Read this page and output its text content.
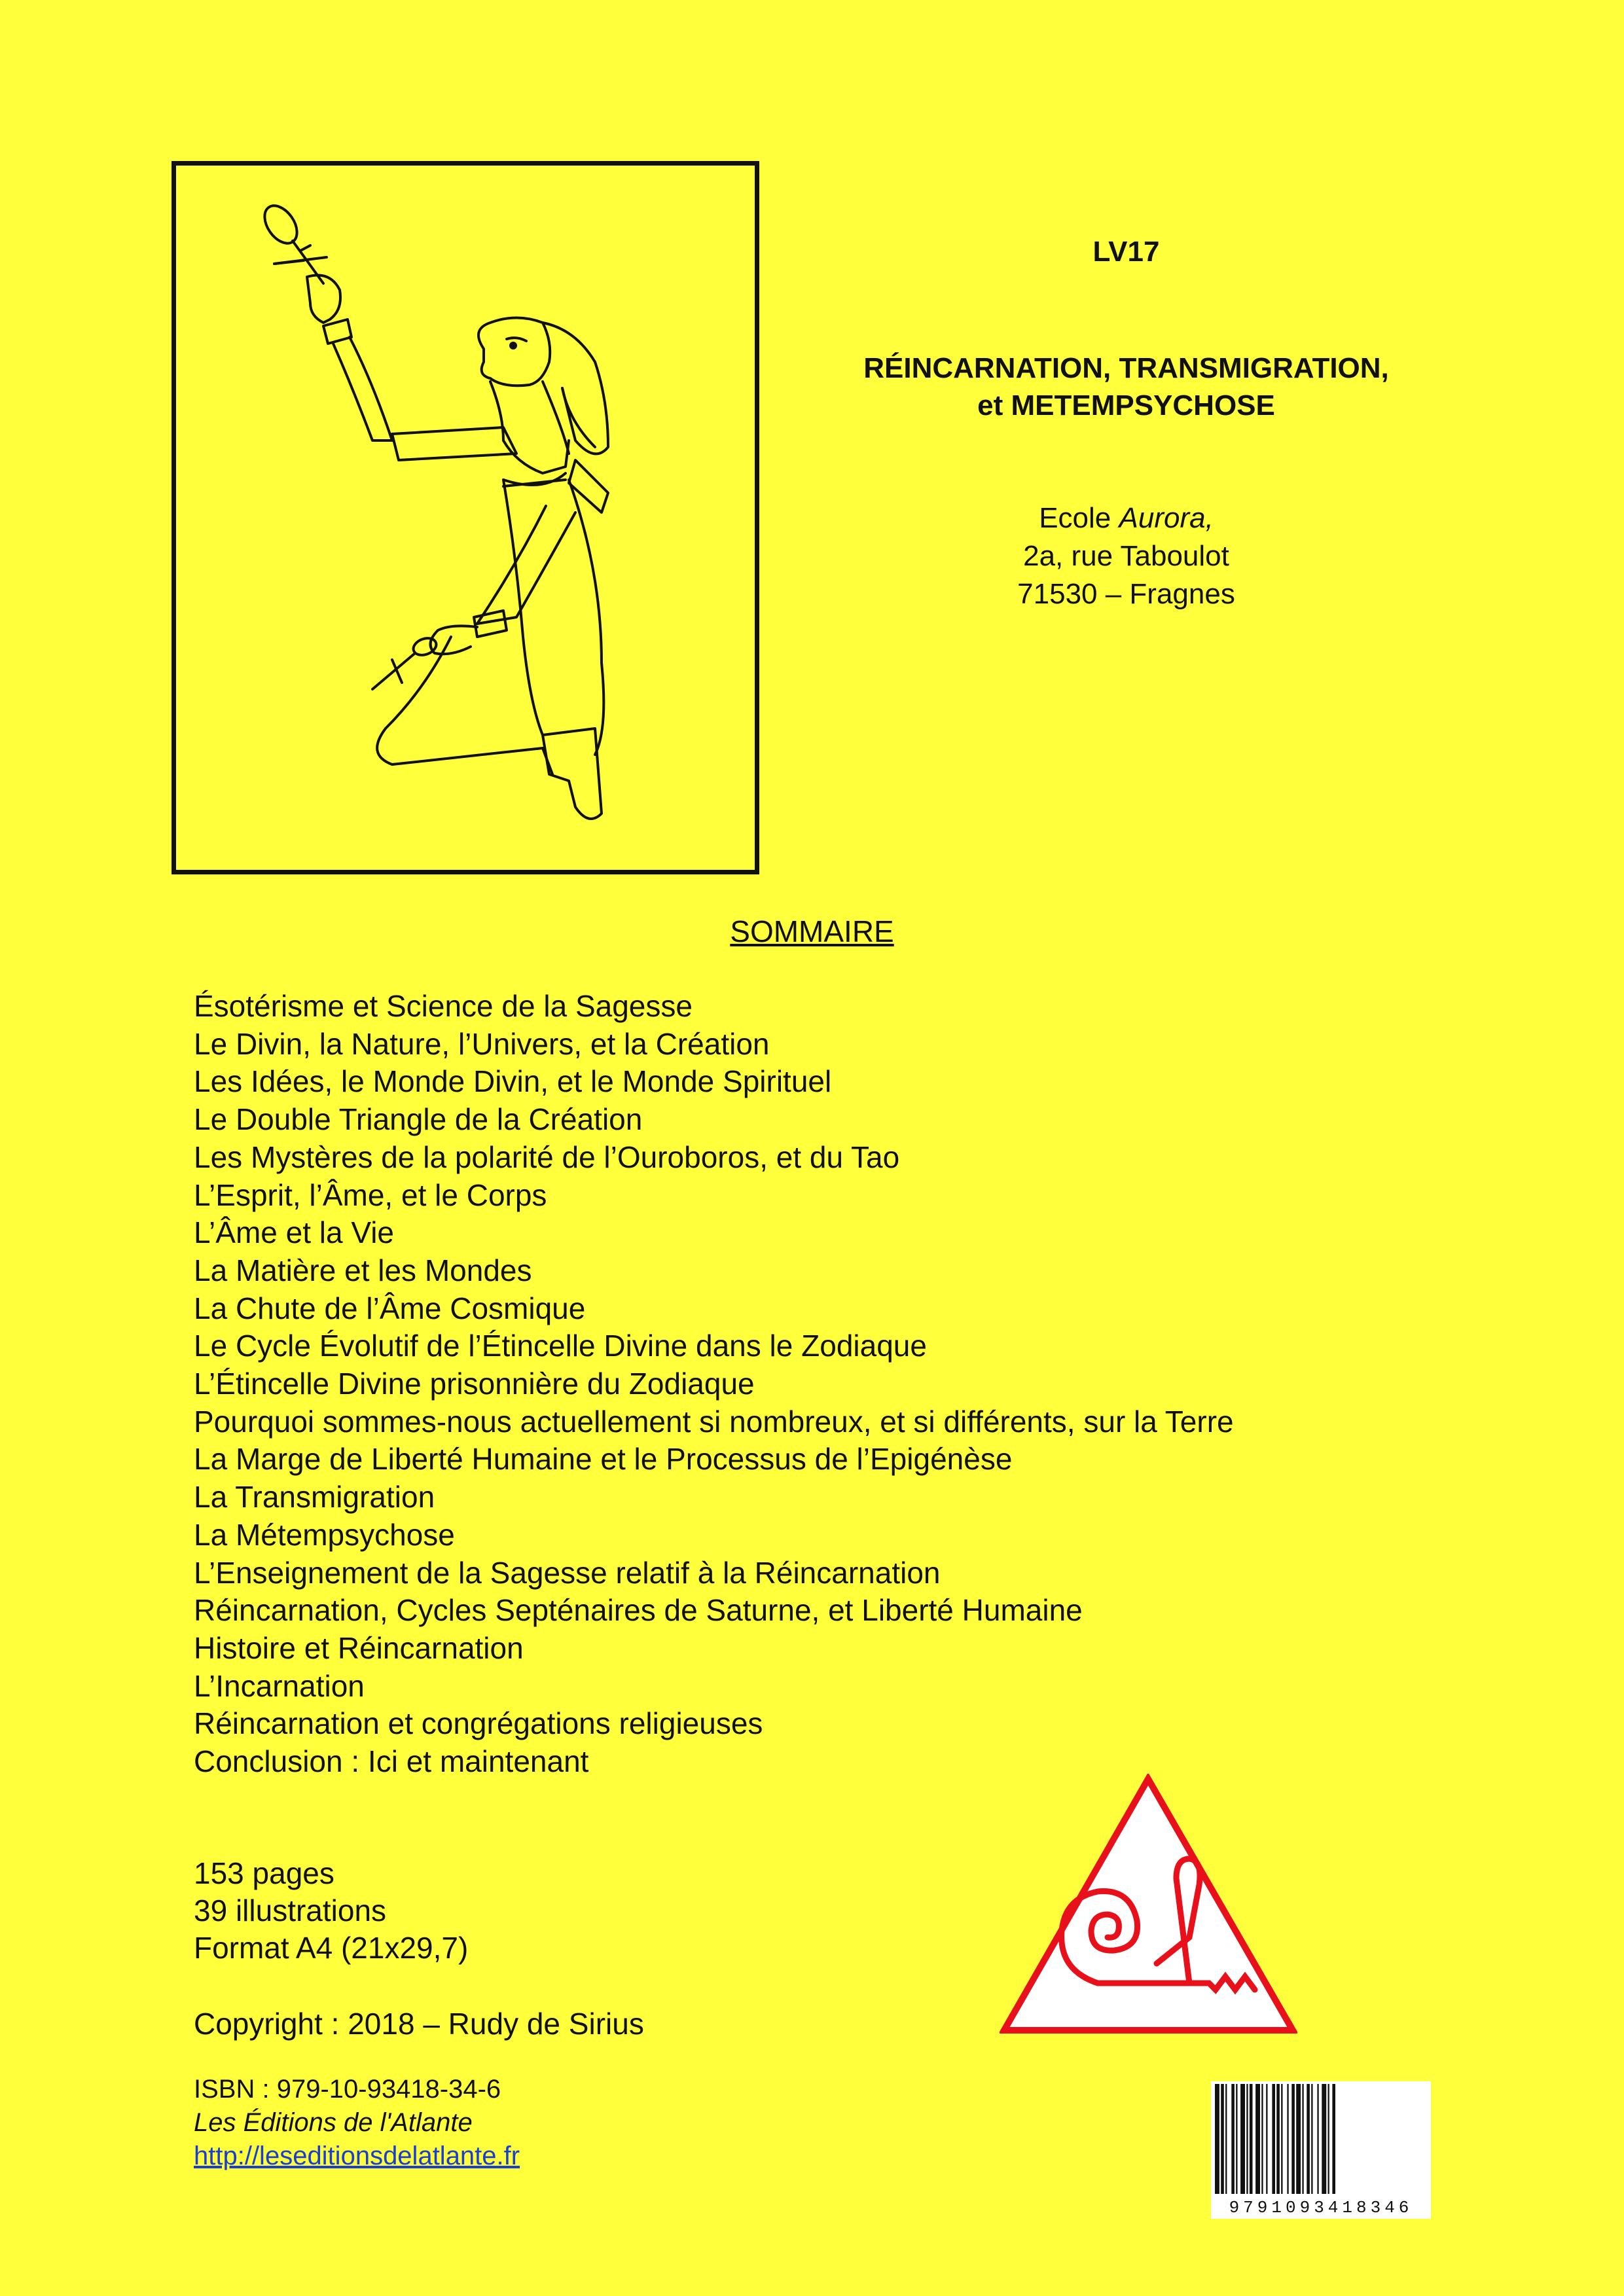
LV17
RÉINCARNATION, TRANSMIGRATION,
et METEMPSYCHOSE
Ecole Aurora,
2a, rue Taboulot
71530 – Fragnes
SOMMAIRE
Ésotérisme et Science de la Sagesse
Le Divin, la Nature, l’Univers, et la Création
Les Idées, le Monde Divin, et le Monde Spirituel
Le Double Triangle de la Création
Les Mystères de la polarité de l’Ouroboros, et du Tao
L’Esprit, l’Âme, et le Corps
L’Âme et la Vie
La Matière et les Mondes
La Chute de l’Âme Cosmique
Le Cycle Évolutif de l’Étincelle Divine dans le Zodiaque
L’Étincelle Divine prisonnière du Zodiaque
Pourquoi sommes-nous actuellement si nombreux, et si différents, sur la Terre
La Marge de Liberté Humaine et le Processus de l’Epigénèse
La Transmigration
La Métempsychose
L’Enseignement de la Sagesse relatif à la Réincarnation
Réincarnation, Cycles Septénaires de Saturne, et Liberté Humaine
Histoire et Réincarnation
L’Incarnation
Réincarnation et congrégations religieuses
Conclusion : Ici et maintenant
153 pages
39 illustrations
Format A4 (21x29,7)
Copyright : 2018 – Rudy de Sirius
ISBN : 979-10-93418-34-6
Les Éditions de l'Atlante
http://leseditionsdelatlante.fr
9791093418346
